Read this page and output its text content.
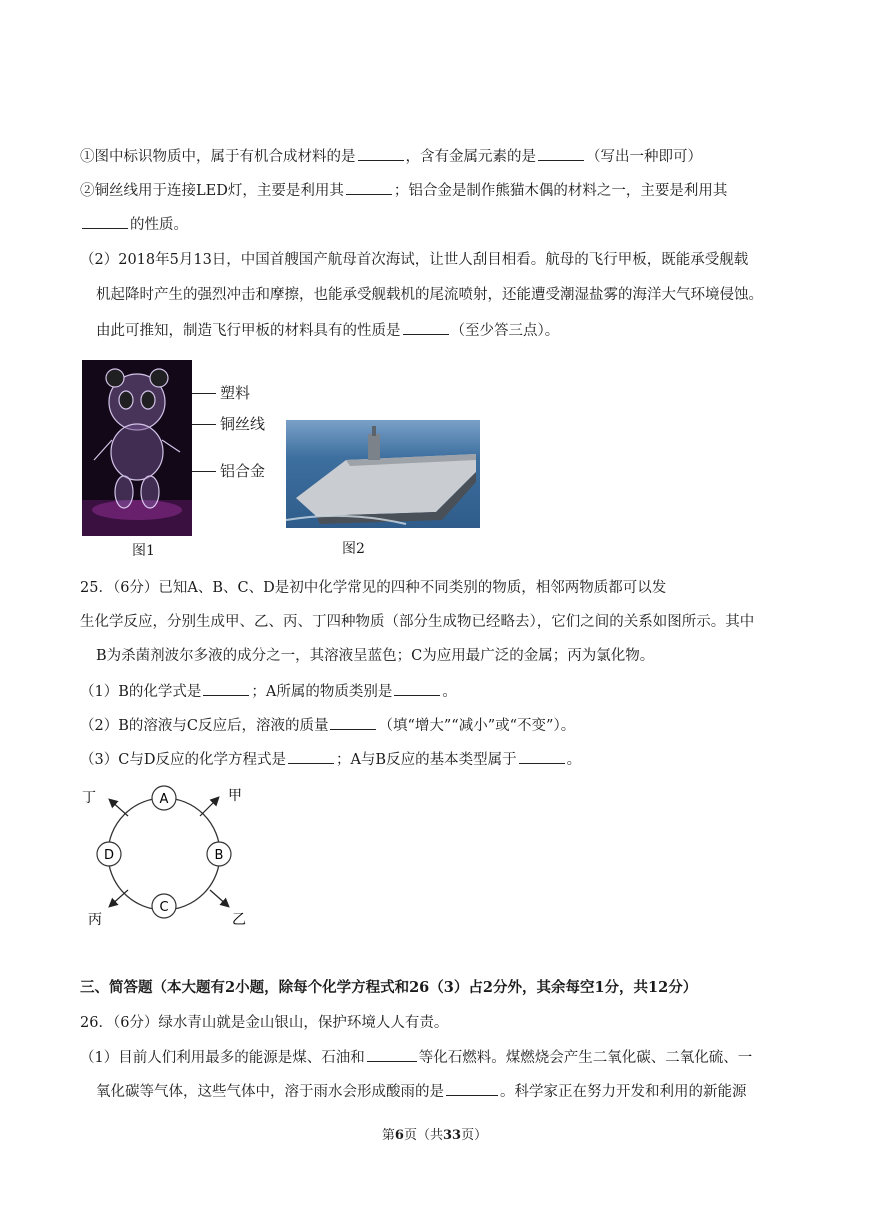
①图中标识物质中，属于有机合成材料的是	，含有金属元素的是	（写出一种即可）
②铜丝线用于连接LED灯，主要是利用其	；铝合金是制作熊猫木偶的材料之一，主要是利用其
的性质。
（2）2018年5月13日，中国首艘国产航母首次海试，让世人刮目相看。航母的飞行甲板，既能承受舰载
机起降时产生的强烈冲击和摩擦，也能承受舰载机的尾流喷射，还能遭受潮湿盐雾的海洋大气环境侵蚀。
由此可推知，制造飞行甲板的材料具有的性质是	（至少答三点）。
塑料
铜丝线
铝合金
图1	图2
25．（6分）已知A、B、C、D是初中化学常见的四种不同类别的物质，相邻两物质都可以发
生化学反应，分别生成甲、乙、丙、丁四种物质（部分生成物已经略去），它们之间的关系如图所示。其中
B为杀菌剂波尔多液的成分之一，其溶液呈蓝色；C为应用最广泛的金属；丙为氯化物。
（1）B的化学式是	；A所属的物质类别是	。
（2）B的溶液与C反应后，溶液的质量	（填“增大”“减小”或“不变”）。
（3）C与D反应的化学方程式是	；A与B反应的基本类型属于	。
A
B
C
D
甲
乙
丙
丁
三、简答题（本大题有2小题，除每个化学方程式和26（3）占2分外，其余每空1分，共12分）
26．（6分）绿水青山就是金山银山，保护环境人人有责。
（1）目前人们利用最多的能源是煤、石油和	等化石燃料。煤燃烧会产生二氧化碳、二氧化硫、一
氧化碳等气体，这些气体中，溶于雨水会形成酸雨的是	。科学家正在努力开发和利用的新能源
第6页（共33页）
